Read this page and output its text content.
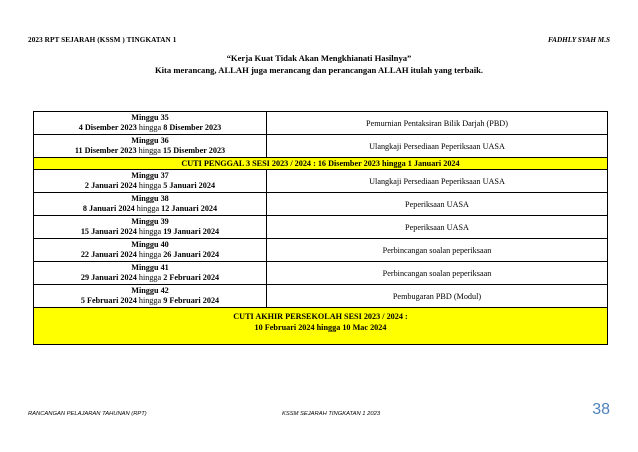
2023 RPT SEJARAH (KSSM ) TINGKATAN 1	FADHLY SYAH M.S
“Kerja Kuat Tidak Akan Mengkhianati Hasilnya”
Kita merancang, ALLAH juga merancang dan perancangan ALLAH itulah yang terbaik.
Minggu 35
4 Disember 2023 hingga 8 Disember 2023	Pemurnian Pentaksiran Bilik Darjah (PBD)

Minggu 36
11 Disember 2023 hingga 15 Disember 2023	Ulangkaji Persediaan Peperiksaan UASA
CUTI PENGGAL 3 SESI 2023 / 2024 : 16 Disember 2023 hingga 1 Januari 2024	

Minggu 37
2 Januari 2024 hingga 5 Januari 2024	Ulangkaji Persediaan Peperiksaan UASA

Minggu 38
8 Januari 2024 hingga 12 Januari 2024	Peperiksaan UASA

Minggu 39
15 Januari 2024 hingga 19 Januari 2024	Peperiksaan UASA

Minggu 40
22 Januari 2024 hingga 26 Januari 2024	Perbincangan soalan peperiksaan

Minggu 41
29 Januari 2024 hingga 2 Februari 2024	Perbincangan soalan peperiksaan

Minggu 42
5 Februari 2024 hingga 9 Februari 2024	Pembugaran PBD (Modul)

CUTI AKHIR PERSEKOLAH SESI 2023 / 2024 :
10 Februari 2024 hingga 10 Mac 2024	
RANCANGAN PELAJARAN TAHUNAN (RPT)	KSSM SEJARAH TINGKATAN 1 2023	38
